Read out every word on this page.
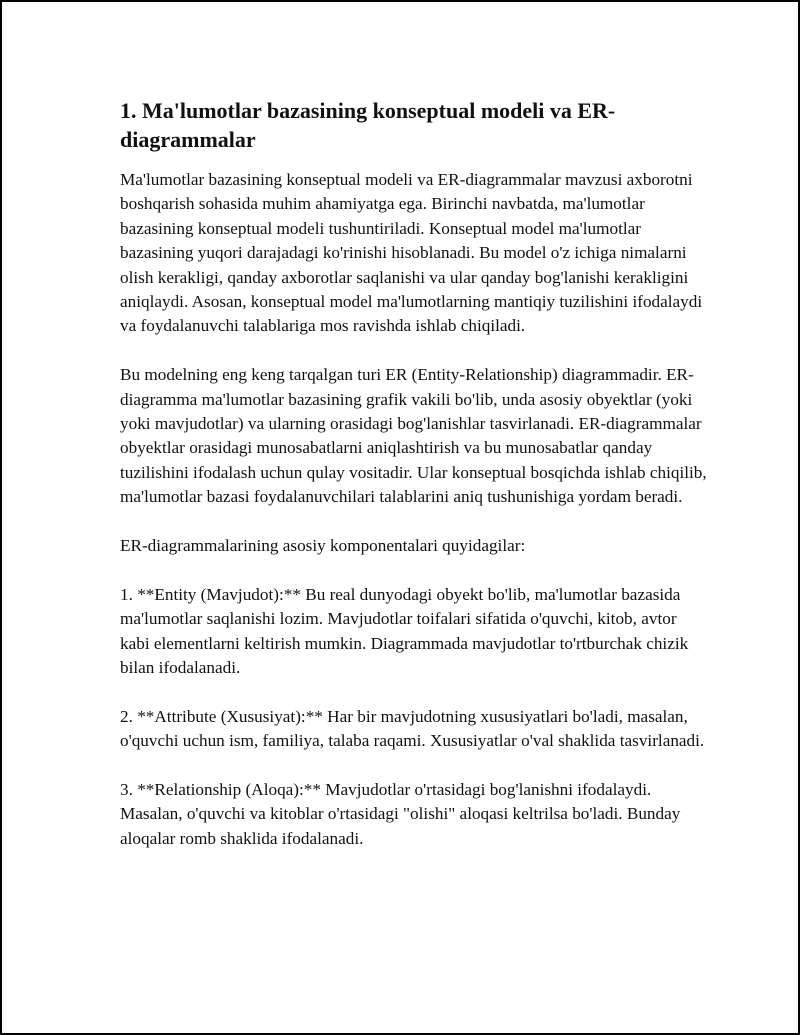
1. Ma'lumotlar bazasining konseptual modeli va ER-diagrammalar

Ma'lumotlar bazasining konseptual modeli va ER-diagrammalar mavzusi axborotni boshqarish sohasida muhim ahamiyatga ega. Birinchi navbatda, ma'lumotlar bazasining konseptual modeli tushuntiriladi. Konseptual model ma'lumotlar bazasining yuqori darajadagi ko'rinishi hisoblanadi. Bu model o'z ichiga nimalarni olish kerakligi, qanday axborotlar saqlanishi va ular qanday bog'lanishi kerakligini aniqlaydi. Asosan, konseptual model ma'lumotlarning mantiqiy tuzilishini ifodalaydi va foydalanuvchi talablariga mos ravishda ishlab chiqiladi.

Bu modelning eng keng tarqalgan turi ER (Entity-Relationship) diagrammadir. ER-diagramma ma'lumotlar bazasining grafik vakili bo'lib, unda asosiy obyektlar (yoki yoki mavjudotlar) va ularning orasidagi bog'lanishlar tasvirlanadi. ER-diagrammalar obyektlar orasidagi munosabatlarni aniqlashtirish va bu munosabatlar qanday tuzilishini ifodalash uchun qulay vositadir. Ular konseptual bosqichda ishlab chiqilib, ma'lumotlar bazasi foydalanuvchilari talablarini aniq tushunishiga yordam beradi.

ER-diagrammalarining asosiy komponentalari quyidagilar:

1. **Entity (Mavjudot):** Bu real dunyodagi obyekt bo'lib, ma'lumotlar bazasida ma'lumotlar saqlanishi lozim. Mavjudotlar toifalari sifatida o'quvchi, kitob, avtor kabi elementlarni keltirish mumkin. Diagrammada mavjudotlar to'rtburchak chizik bilan ifodalanadi.

2. **Attribute (Xususiyat):** Har bir mavjudotning xususiyatlari bo'ladi, masalan, o'quvchi uchun ism, familiya, talaba raqami. Xususiyatlar o'val shaklida tasvirlanadi.

3. **Relationship (Aloqa):** Mavjudotlar o'rtasidagi bog'lanishni ifodalaydi. Masalan, o'quvchi va kitoblar o'rtasidagi "olishi" aloqasi keltrilsa bo'ladi. Bunday aloqalar romb shaklida ifodalanadi.
